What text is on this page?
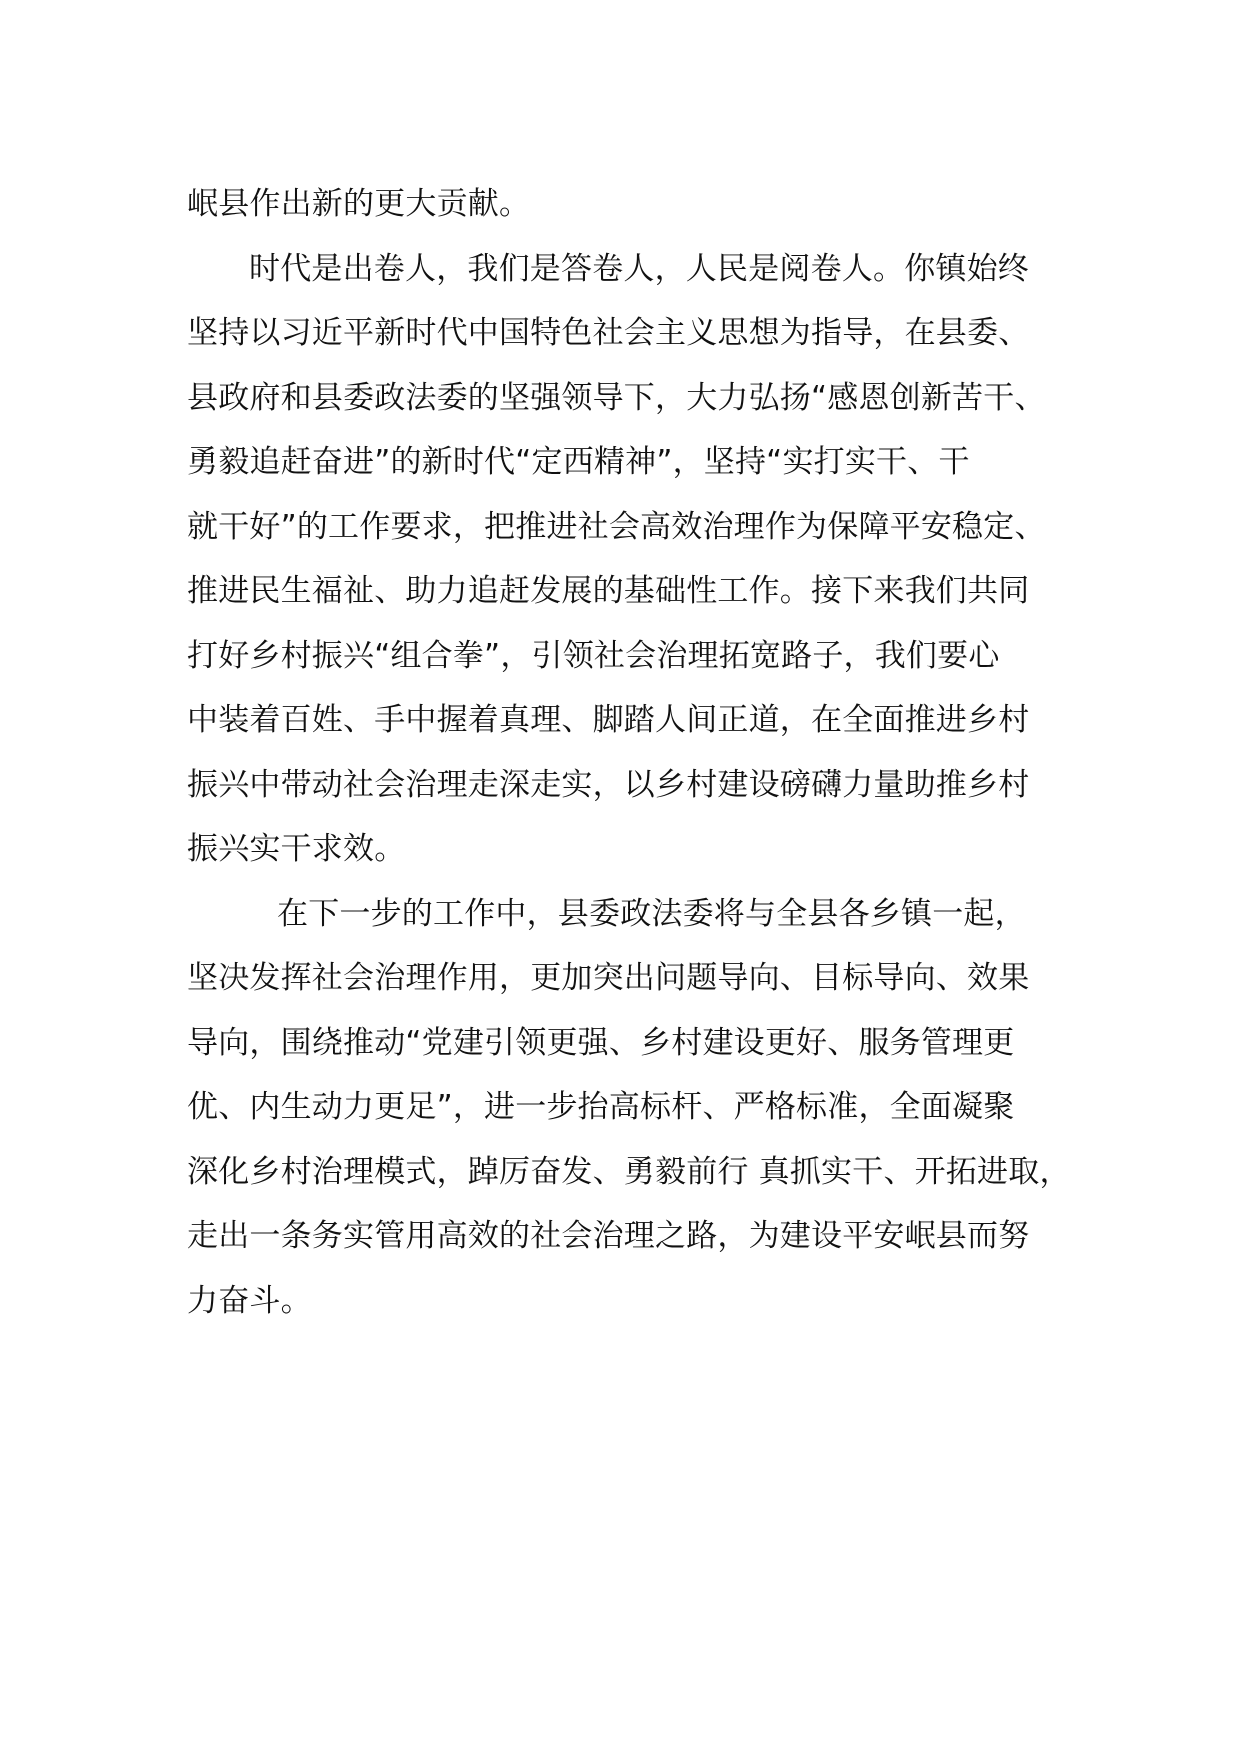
岷县作出新的更大贡献。
时代是出卷人，我们是答卷人，人民是阅卷人。你镇始终
坚持以习近平新时代中国特色社会主义思想为指导，在县委、
县政府和县委政法委的坚强领导下，大力弘扬“感恩创新苦干、
勇毅追赶奋进”的新时代“定西精神”，坚持“实打实干、干
就干好”的工作要求，把推进社会高效治理作为保障平安稳定、
推进民生福祉、助力追赶发展的基础性工作。接下来我们共同
打好乡村振兴“组合拳”，引领社会治理拓宽路子，我们要心
中装着百姓、手中握着真理、脚踏人间正道，在全面推进乡村
振兴中带动社会治理走深走实，以乡村建设磅礴力量助推乡村
振兴实干求效。
在下一步的工作中，县委政法委将与全县各乡镇一起，
坚决发挥社会治理作用，更加突出问题导向、目标导向、效果
导向，围绕推动“党建引领更强、乡村建设更好、服务管理更
优、内生动力更足”，进一步抬高标杆、严格标准，全面凝聚
深化乡村治理模式，踔厉奋发、勇毅前行 真抓实干、开拓进取，
走出一条务实管用高效的社会治理之路，为建设平安岷县而努
力奋斗。
